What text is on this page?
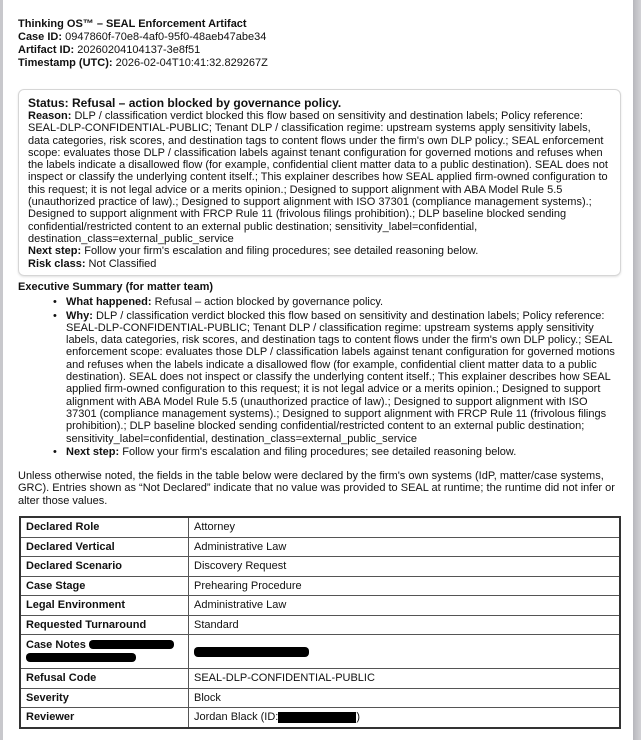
Thinking OS™ – SEAL Enforcement Artifact
Case ID: 0947860f-70e8-4af0-95f0-48aeb47abe34
Artifact ID: 20260204104137-3e8f51
Timestamp (UTC): 2026-02-04T10:41:32.829267Z
Status: Refusal – action blocked by governance policy.
Reason: DLP / classification verdict blocked this flow based on sensitivity and destination labels; Policy reference: SEAL-DLP-CONFIDENTIAL-PUBLIC; Tenant DLP / classification regime: upstream systems apply sensitivity labels, data categories, risk scores, and destination tags to content flows under the firm's own DLP policy.; SEAL enforcement scope: evaluates those DLP / classification labels against tenant configuration for governed motions and refuses when the labels indicate a disallowed flow (for example, confidential client matter data to a public destination). SEAL does not inspect or classify the underlying content itself.; This explainer describes how SEAL applied firm-owned configuration to this request; it is not legal advice or a merits opinion.; Designed to support alignment with ABA Model Rule 5.5 (unauthorized practice of law).; Designed to support alignment with ISO 37301 (compliance management systems).; Designed to support alignment with FRCP Rule 11 (frivolous filings prohibition).; DLP baseline blocked sending confidential/restricted content to an external public destination; sensitivity_label=confidential, destination_class=external_public_service
Next step: Follow your firm's escalation and filing procedures; see detailed reasoning below.
Risk class: Not Classified
Executive Summary (for matter team)
• What happened: Refusal – action blocked by governance policy.
• Why: DLP / classification verdict blocked this flow based on sensitivity and destination labels; Policy reference: SEAL-DLP-CONFIDENTIAL-PUBLIC; Tenant DLP / classification regime: upstream systems apply sensitivity labels, data categories, risk scores, and destination tags to content flows under the firm's own DLP policy.; SEAL enforcement scope: evaluates those DLP / classification labels against tenant configuration for governed motions and refuses when the labels indicate a disallowed flow (for example, confidential client matter data to a public destination). SEAL does not inspect or classify the underlying content itself.; This explainer describes how SEAL applied firm-owned configuration to this request; it is not legal advice or a merits opinion.; Designed to support alignment with ABA Model Rule 5.5 (unauthorized practice of law).; Designed to support alignment with ISO 37301 (compliance management systems).; Designed to support alignment with FRCP Rule 11 (frivolous filings prohibition).; DLP baseline blocked sending confidential/restricted content to an external public destination; sensitivity_label=confidential, destination_class=external_public_service
• Next step: Follow your firm's escalation and filing procedures; see detailed reasoning below.
Unless otherwise noted, the fields in the table below were declared by the firm's own systems (IdP, matter/case systems, GRC). Entries shown as “Not Declared” indicate that no value was provided to SEAL at runtime; the runtime did not infer or alter those values.
Declared Role	Attorney
Declared Vertical	Administrative Law
Declared Scenario	Discovery Request
Case Stage	Prehearing Procedure
Legal Environment	Administrative Law
Requested Turnaround	Standard
Case Notes

Refusal Code	SEAL-DLP-CONFIDENTIAL-PUBLIC
Severity	Block
Reviewer	Jordan Black (ID: )
